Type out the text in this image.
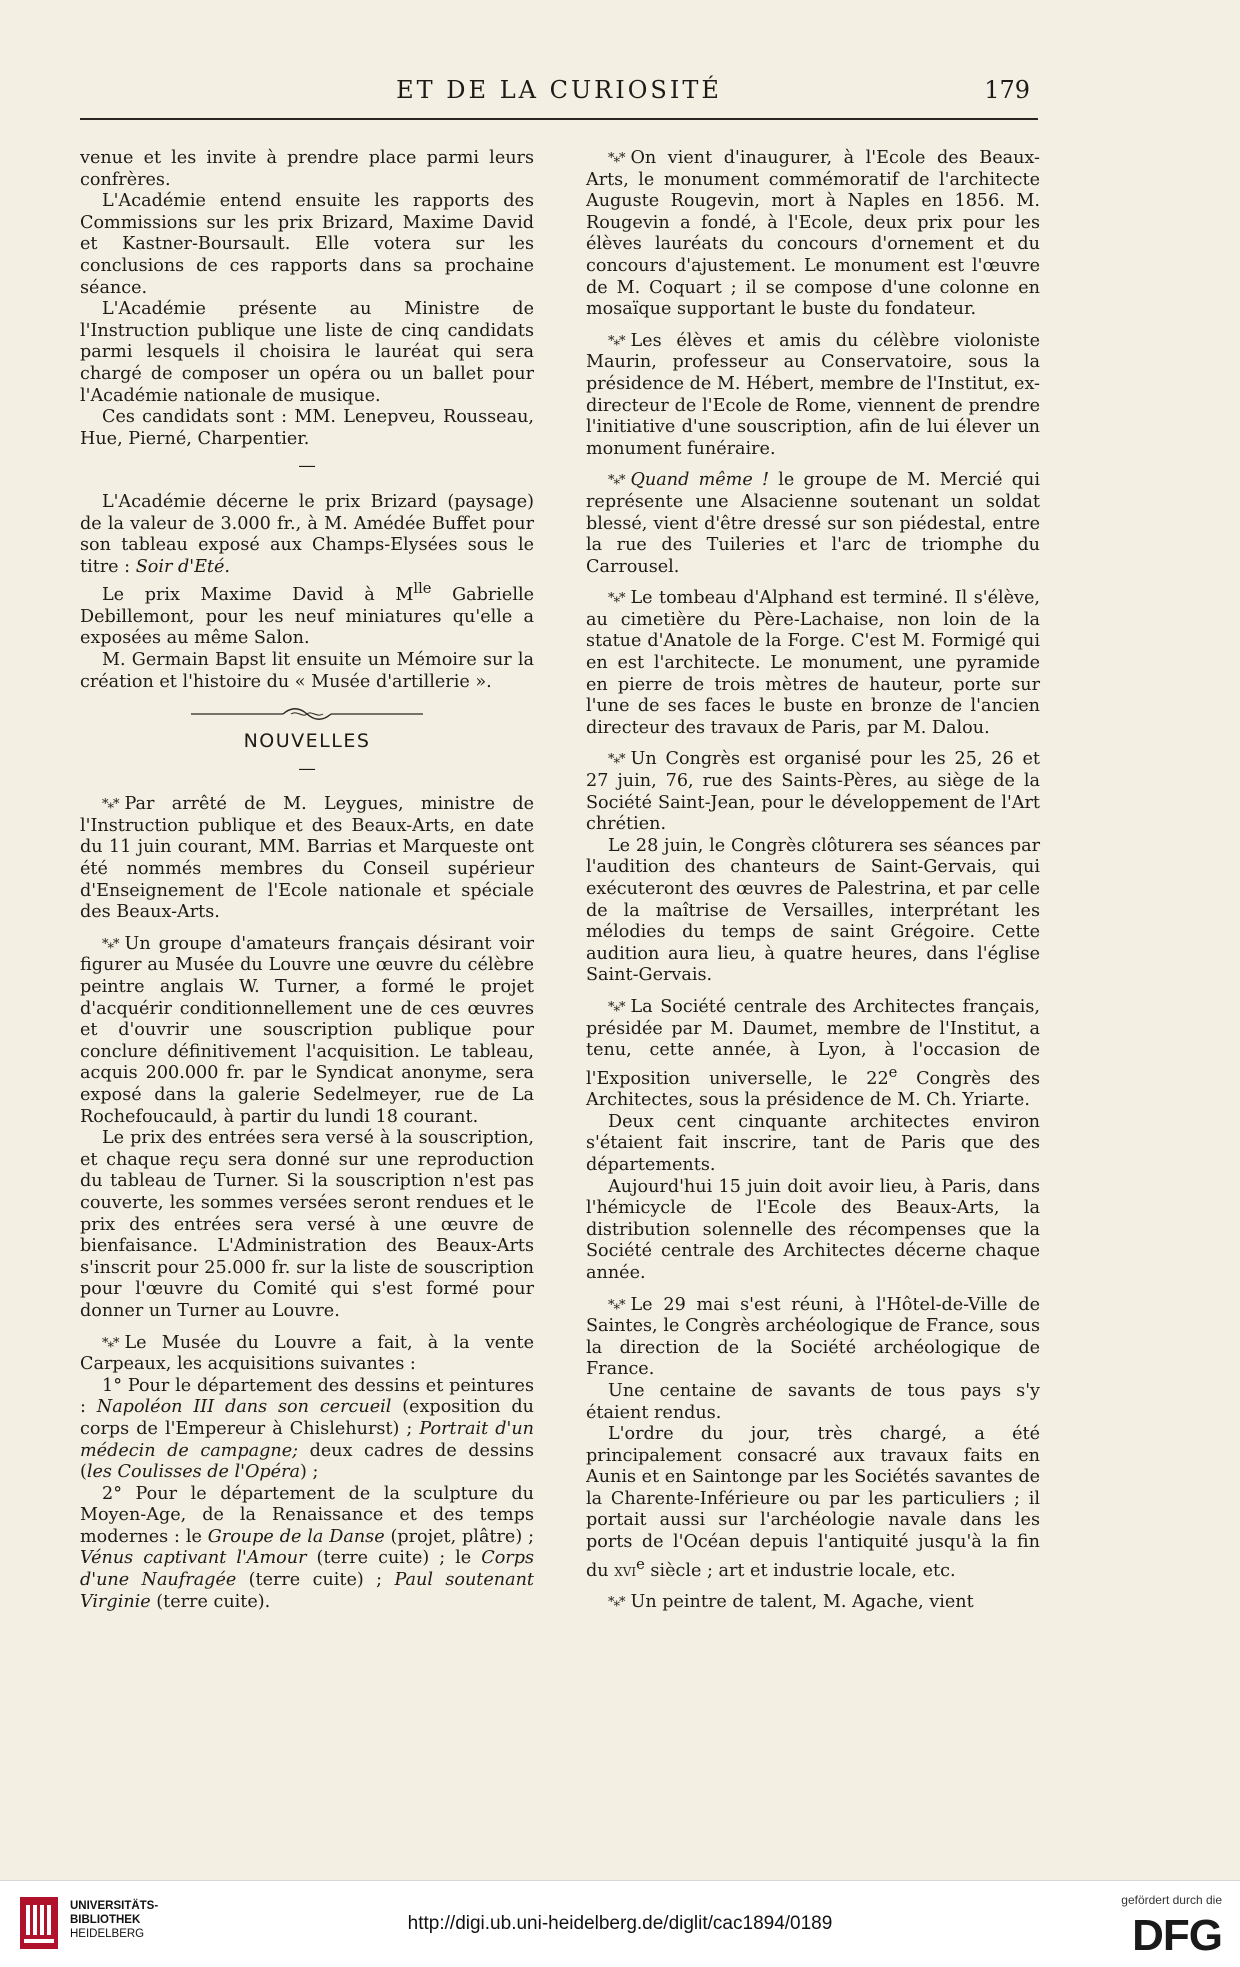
ET DE LA CURIOSITÉ	179

venue et les invite à prendre place parmi leurs confrères.

L'Académie entend ensuite les rapports des Commissions sur les prix Brizard, Maxime David et Kastner-Boursault. Elle votera sur les conclusions de ces rapports dans sa prochaine séance.

L'Académie présente au Ministre de l'Instruction publique une liste de cinq candidats parmi lesquels il choisira le lauréat qui sera chargé de composer un opéra ou un ballet pour l'Académie nationale de musique.

Ces candidats sont : MM. Lenepveu, Rousseau, Hue, Pierné, Charpentier.

—

L'Académie décerne le prix Brizard (paysage) de la valeur de 3.000 fr., à M. Amédée Buffet pour son tableau exposé aux Champs-Elysées sous le titre : Soir d'Eté.

Le prix Maxime David à $M^{lle}$ Gabrielle Debillemont, pour les neuf miniatures qu'elle a exposées au même Salon.

M. Germain Bapst lit ensuite un Mémoire sur la création et l'histoire du « Musée d'artillerie ».

NOUVELLES
—

*⁎* Par arrêté de M. Leygues, ministre de l'Instruction publique et des Beaux-Arts, en date du 11 juin courant, MM. Barrias et Marqueste ont été nommés membres du Conseil supérieur d'Enseignement de l'Ecole nationale et spéciale des Beaux-Arts.

*⁎* Un groupe d'amateurs français désirant voir figurer au Musée du Louvre une œuvre du célèbre peintre anglais W. Turner, a formé le projet d'acquérir conditionnellement une de ces œuvres et d'ouvrir une souscription publique pour conclure définitivement l'acquisition. Le tableau, acquis 200.000 fr. par le Syndicat anonyme, sera exposé dans la galerie Sedelmeyer, rue de La Rochefoucauld, à partir du lundi 18 courant.

Le prix des entrées sera versé à la souscription, et chaque reçu sera donné sur une reproduction du tableau de Turner. Si la souscription n'est pas couverte, les sommes versées seront rendues et le prix des entrées sera versé à une œuvre de bienfaisance. L'Administration des Beaux-Arts s'inscrit pour 25.000 fr. sur la liste de souscription pour l'œuvre du Comité qui s'est formé pour donner un Turner au Louvre.

*⁎* Le Musée du Louvre a fait, à la vente Carpeaux, les acquisitions suivantes :

1° Pour le département des dessins et peintures : Napoléon III dans son cercueil (exposition du corps de l'Empereur à Chislehurst) ; Portrait d'un médecin de campagne; deux cadres de dessins (les Coulisses de l'Opéra) ;

2° Pour le département de la sculpture du Moyen-Age, de la Renaissance et des temps modernes : le Groupe de la Danse (projet, plâtre) ; Vénus captivant l'Amour (terre cuite) ; le Corps d'une Naufragée (terre cuite) ; Paul soutenant Virginie (terre cuite).

*⁎* On vient d'inaugurer, à l'Ecole des Beaux-Arts, le monument commémoratif de l'architecte Auguste Rougevin, mort à Naples en 1856. M. Rougevin a fondé, à l'Ecole, deux prix pour les élèves lauréats du concours d'ornement et du concours d'ajustement. Le monument est l'œuvre de M. Coquart ; il se compose d'une colonne en mosaïque supportant le buste du fondateur.

*⁎* Les élèves et amis du célèbre violoniste Maurin, professeur au Conservatoire, sous la présidence de M. Hébert, membre de l'Institut, ex-directeur de l'Ecole de Rome, viennent de prendre l'initiative d'une souscription, afin de lui élever un monument funéraire.

*⁎* Quand même ! le groupe de M. Mercié qui représente une Alsacienne soutenant un soldat blessé, vient d'être dressé sur son piédestal, entre la rue des Tuileries et l'arc de triomphe du Carrousel.

*⁎* Le tombeau d'Alphand est terminé. Il s'élève, au cimetière du Père-Lachaise, non loin de la statue d'Anatole de la Forge. C'est M. Formigé qui en est l'architecte. Le monument, une pyramide en pierre de trois mètres de hauteur, porte sur l'une de ses faces le buste en bronze de l'ancien directeur des travaux de Paris, par M. Dalou.

*⁎* Un Congrès est organisé pour les 25, 26 et 27 juin, 76, rue des Saints-Pères, au siège de la Société Saint-Jean, pour le développement de l'Art chrétien.

Le 28 juin, le Congrès clôturera ses séances par l'audition des chanteurs de Saint-Gervais, qui exécuteront des œuvres de Palestrina, et par celle de la maîtrise de Versailles, interprétant les mélodies du temps de saint Grégoire. Cette audition aura lieu, à quatre heures, dans l'église Saint-Gervais.

*⁎* La Société centrale des Architectes français, présidée par M. Daumet, membre de l'Institut, a tenu, cette année, à Lyon, à l'occasion de l'Exposition universelle, le 22e Congrès des Architectes, sous la présidence de M. Ch. Yriarte.

Deux cent cinquante architectes environ s'étaient fait inscrire, tant de Paris que des départements.

Aujourd'hui 15 juin doit avoir lieu, à Paris, dans l'hémicycle de l'Ecole des Beaux-Arts, la distribution solennelle des récompenses que la Société centrale des Architectes décerne chaque année.

*⁎* Le 29 mai s'est réuni, à l'Hôtel-de-Ville de Saintes, le Congrès archéologique de France, sous la direction de la Société archéologique de France.

Une centaine de savants de tous pays s'y étaient rendus.

L'ordre du jour, très chargé, a été principalement consacré aux travaux faits en Aunis et en Saintonge par les Sociétés savantes de la Charente-Inférieure ou par les particuliers ; il portait aussi sur l'archéologie navale dans les ports de l'Océan depuis l'antiquité jusqu'à la fin du xvi$^e$ siècle ; art et industrie locale, etc.

*⁎* Un peintre de talent, M. Agache, vient

UNIVERSITÄTS-
BIBLIOTHEK
HEIDELBERG	http://digi.ub.uni-heidelberg.de/diglit/cac1894/0189
gefördert durch die
DFG
